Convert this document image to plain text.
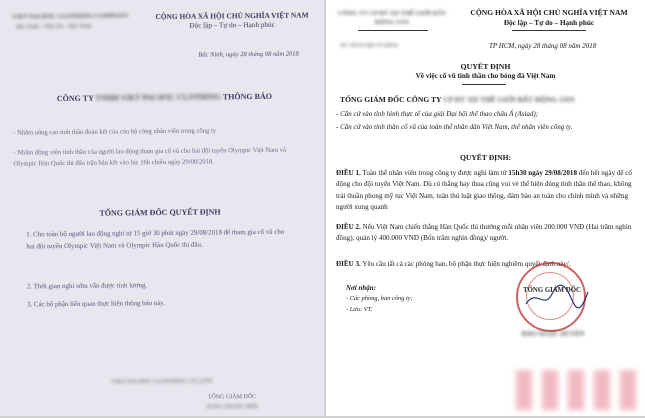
VIET PACIFIC CLOTHING COMPANY
Bắc Ninh - Tiên Du - Bắc Ninh
CỘNG HÒA XÃ HỘI CHỦ NGHĨA VIỆT NAM
Độc lập – Tự do – Hạnh phúc
Bắc Ninh, ngày 28 tháng 08 năm 2018
CÔNG TY TNHH VIET PACIFIC CLOTHING THÔNG BÁO
- Nhằm nâng cao tinh thần đoàn kết của cán bộ công nhân viên trong công ty
- Nhằm động viên tinh thần của người lao động tham gia cổ vũ cho hai đội tuyển Olympic Việt Nam và Olympic Hàn Quốc thi đấu trận bán kết vào lúc 16h chiều ngày 29/08/2018.
TỔNG GIÁM ĐỐC QUYẾT ĐỊNH
1. Cho toàn bộ người lao động nghỉ từ 15 giờ 30 phút ngày 29/08/2018 để tham gia cổ vũ cho hai đội tuyển Olympic Việt Nam và Olympic Hàn Quốc thi đấu.
2. Thời gian nghỉ sớm vẫn được tính lương.
3. Các bộ phận liên quan thực hiện thông báo này.
VIET PACIFIC CLOTHING CO.,LTD
TỔNG GIÁM ĐỐC
JUNG CHANG MIN
CÔNG TY CP ĐT XD THẾ GIỚI BẤT ĐỘNG SẢN
Số: 0030/QĐ-TGBĐS
CỘNG HÒA XÃ HỘI CHỦ NGHĨA VIỆT NAM
Độc lập – Tự do – Hạnh phúc
TP HCM, ngày 28 tháng 08 năm 2018
QUYẾT ĐỊNH
Về việc cổ vũ tinh thần cho bóng đá Việt Nam
TỔNG GIÁM ĐỐC CÔNG TY CP ĐT XD THẾ GIỚI BẤT ĐỘNG SẢN
- Căn cứ vào tình hình thực tế của giải Đại hội thể thao châu Á (Asiad);
- Căn cứ vào tinh thần cổ vũ của toàn thể nhân dân Việt Nam, thể nhân viên công ty.
QUYẾT ĐỊNH:
ĐIỀU 1. Toàn thể nhân viên trong công ty được nghỉ làm từ 15h30 ngày 29/08/2018 đến hết ngày để cổ động cho đội tuyển Việt Nam. Dù có thắng hay thua cũng vui vẻ thể hiện đúng tinh thần thể thao, không trái thuần phong mỹ tục Việt Nam, tuân thủ luật giao thông, đảm bảo an toàn cho chính mình và những người xung quanh
ĐIỀU 2. Nếu Việt Nam chiến thắng Hàn Quốc thì thưởng mỗi nhân viên 200.000 VNĐ (Hai trăm nghìn đồng), quản lý 400.000 VNĐ (Bốn trăm nghìn đồng)/ người.
ĐIỀU 3. Yêu cầu tất cả các phòng ban, bộ phận thực hiện nghiêm quyết định này/.
Nơi nhận:
- Các phòng, ban công ty;
- Lưu: VT.
TỔNG GIÁM ĐỐC
ĐÀO NGỌC DUYÊN
